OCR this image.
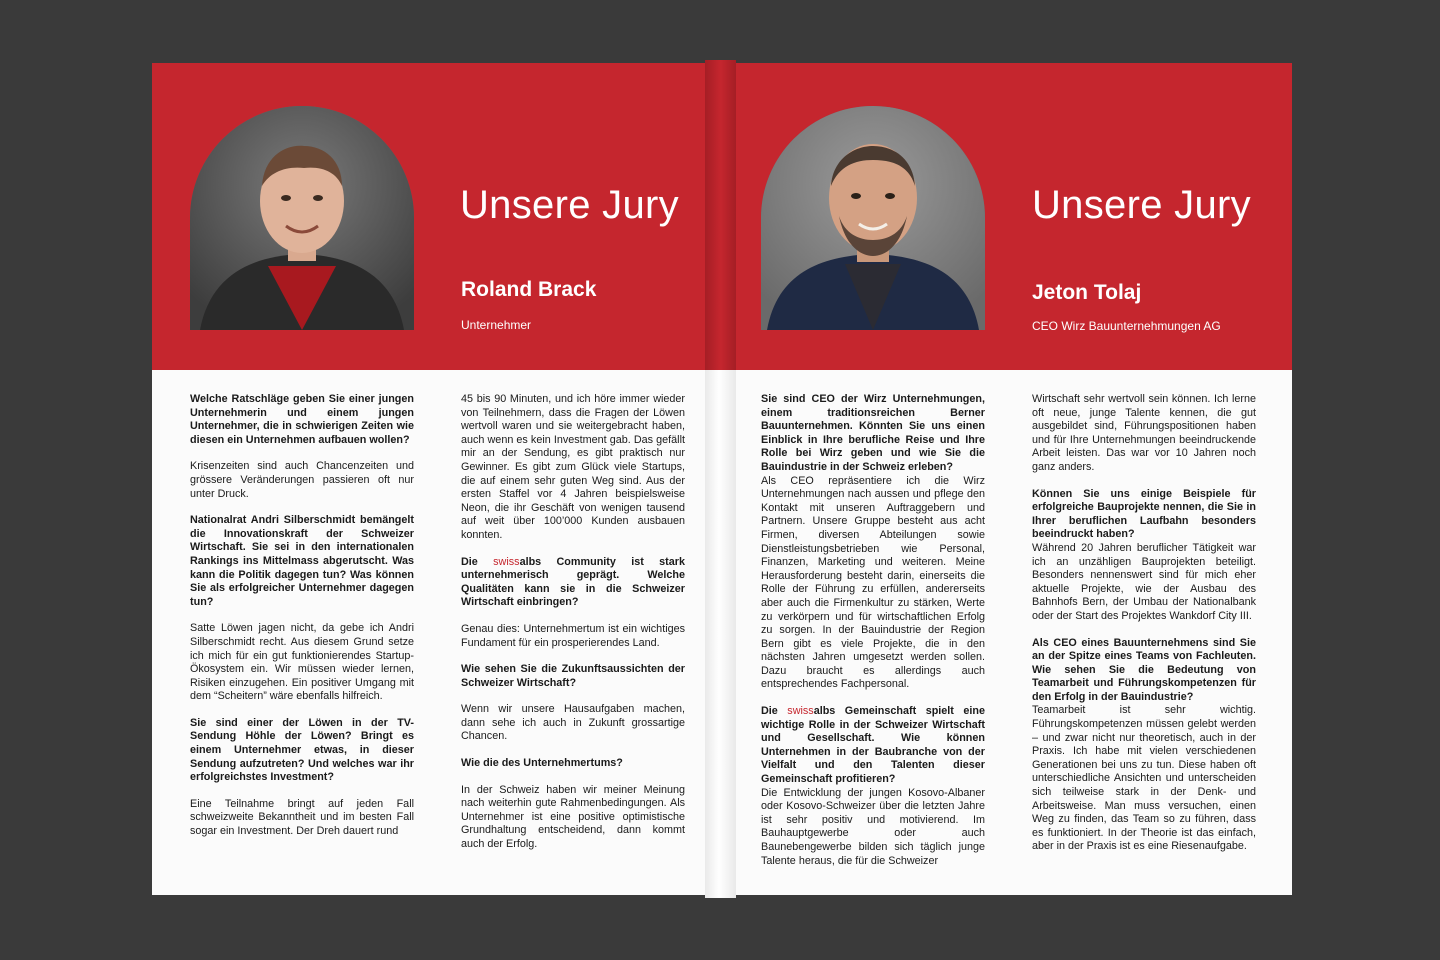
Unsere Jury
Roland Brack
Unternehmer

Welche Ratschläge geben Sie einer jungen Unternehmerin und einem jungen Unternehmer, die in schwierigen Zeiten wie diesen ein Unternehmen aufbauen wollen?

Krisenzeiten sind auch Chancenzeiten und grössere Veränderungen passieren oft nur unter Druck.

Nationalrat Andri Silberschmidt bemängelt die Innovationskraft der Schweizer Wirtschaft. Sie sei in den internationalen Rankings ins Mittelmass abgerutscht. Was kann die Politik dagegen tun? Was können Sie als erfolgreicher Unternehmer dagegen tun?

Satte Löwen jagen nicht, da gebe ich Andri Silberschmidt recht. Aus diesem Grund setze ich mich für ein gut funktionierendes Startup-Ökosystem ein. Wir müssen wieder lernen, Risiken einzugehen. Ein positiver Umgang mit dem “Scheitern” wäre ebenfalls hilfreich.

Sie sind einer der Löwen in der TV-Sendung Höhle der Löwen? Bringt es einem Unternehmer etwas, in dieser Sendung aufzutreten? Und welches war ihr erfolgreichstes Investment?

Eine Teilnahme bringt auf jeden Fall schweizweite Bekanntheit und im besten Fall sogar ein Investment. Der Dreh dauert rund

45 bis 90 Minuten, und ich höre immer wieder von Teilnehmern, dass die Fragen der Löwen wertvoll waren und sie weitergebracht haben, auch wenn es kein Investment gab. Das gefällt mir an der Sendung, es gibt praktisch nur Gewinner. Es gibt zum Glück viele Startups, die auf einem sehr guten Weg sind. Aus der ersten Staffel vor 4 Jahren beispielsweise Neon, die ihr Geschäft von wenigen tausend auf weit über 100’000 Kunden ausbauen konnten.

Die swissalbs Community ist stark unternehmerisch geprägt. Welche Qualitäten kann sie in die Schweizer Wirtschaft einbringen?

Genau dies: Unternehmertum ist ein wichtiges Fundament für ein prosperierendes Land.

Wie sehen Sie die Zukunftsaussichten der Schweizer Wirtschaft?

Wenn wir unsere Hausaufgaben machen, dann sehe ich auch in Zukunft grossartige Chancen.

Wie die des Unternehmertums?

In der Schweiz haben wir meiner Meinung nach weiterhin gute Rahmenbedingungen. Als Unternehmer ist eine positive optimistische Grundhaltung entscheidend, dann kommt auch der Erfolg.

Unsere Jury
Jeton Tolaj
CEO Wirz Bauunternehmungen AG

Sie sind CEO der Wirz Unternehmungen, einem traditionsreichen Berner Bauunternehmen. Könnten Sie uns einen Einblick in Ihre berufliche Reise und Ihre Rolle bei Wirz geben und wie Sie die Bauindustrie in der Schweiz erleben?

Als CEO repräsentiere ich die Wirz Unternehmungen nach aussen und pflege den Kontakt mit unseren Auftraggebern und Partnern. Unsere Gruppe besteht aus acht Firmen, diversen Abteilungen sowie Dienstleistungsbetrieben wie Personal, Finanzen, Marketing und weiteren. Meine Herausforderung besteht darin, einerseits die Rolle der Führung zu erfüllen, andererseits aber auch die Firmenkultur zu stärken, Werte zu verkörpern und für wirtschaftlichen Erfolg zu sorgen. In der Bauindustrie der Region Bern gibt es viele Projekte, die in den nächsten Jahren umgesetzt werden sollen. Dazu braucht es allerdings auch entsprechendes Fachpersonal.

Die swissalbs Gemeinschaft spielt eine wichtige Rolle in der Schweizer Wirtschaft und Gesellschaft. Wie können Unternehmen in der Baubranche von der Vielfalt und den Talenten dieser Gemeinschaft profitieren?

Die Entwicklung der jungen Kosovo-Albaner oder Kosovo-Schweizer über die letzten Jahre ist sehr positiv und motivierend. Im Bauhauptgewerbe oder auch Baunebengewerbe bilden sich täglich junge Talente heraus, die für die Schweizer

Wirtschaft sehr wertvoll sein können. Ich lerne oft neue, junge Talente kennen, die gut ausgebildet sind, Führungspositionen haben und für Ihre Unternehmungen beeindruckende Arbeit leisten. Das war vor 10 Jahren noch ganz anders.

Können Sie uns einige Beispiele für erfolgreiche Bauprojekte nennen, die Sie in Ihrer beruflichen Laufbahn besonders beeindruckt haben?

Während 20 Jahren beruflicher Tätigkeit war ich an unzähligen Bauprojekten beteiligt. Besonders nennenswert sind für mich eher aktuelle Projekte, wie der Ausbau des Bahnhofs Bern, der Umbau der Nationalbank oder der Start des Projektes Wankdorf City III.

Als CEO eines Bauunternehmens sind Sie an der Spitze eines Teams von Fachleuten. Wie sehen Sie die Bedeutung von Teamarbeit und Führungskompetenzen für den Erfolg in der Bauindustrie?

Teamarbeit ist sehr wichtig. Führungskompetenzen müssen gelebt werden – und zwar nicht nur theoretisch, auch in der Praxis. Ich habe mit vielen verschiedenen Generationen bei uns zu tun. Diese haben oft unterschiedliche Ansichten und unterscheiden sich teilweise stark in der Denk- und Arbeitsweise. Man muss versuchen, einen Weg zu finden, das Team so zu führen, dass es funktioniert. In der Theorie ist das einfach, aber in der Praxis ist es eine Riesenaufgabe.
